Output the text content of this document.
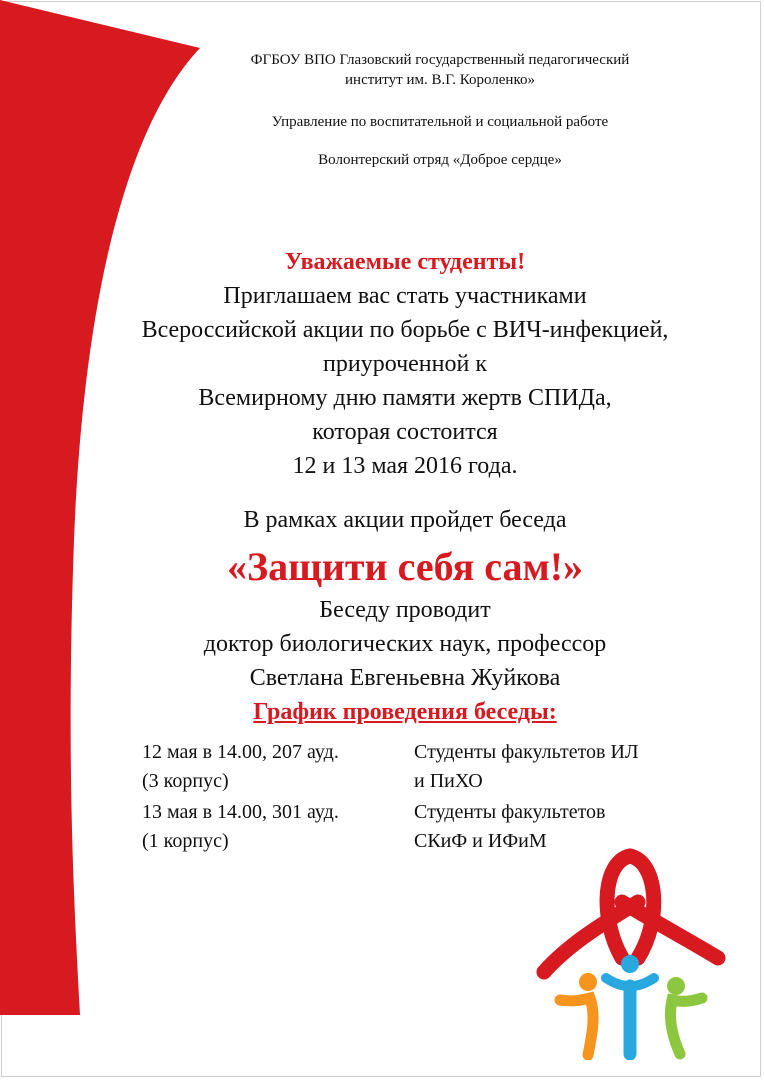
ФГБОУ ВПО Глазовский государственный педагогический
институт им. В.Г. Короленко»
Управление по воспитательной и социальной работе
Волонтерский отряд «Доброе сердце»
Уважаемые студенты!
Приглашаем вас стать участниками
Всероссийской акции по борьбе с ВИЧ-инфекцией,
приуроченной к
Всемирному дню памяти жертв СПИДа,
которая состоится
12 и 13 мая 2016 года.
В рамках акции пройдет беседа
«Защити себя сам!»
Беседу проводит
доктор биологических наук, профессор
Светлана Евгеньевна Жуйкова
График проведения беседы:
12 мая в 14.00, 207 ауд.
(3 корпус)
Студенты факультетов ИЛ
и ПиХО
13 мая в 14.00, 301 ауд.
(1 корпус)
Студенты факультетов
СКиФ и ИФиМ
